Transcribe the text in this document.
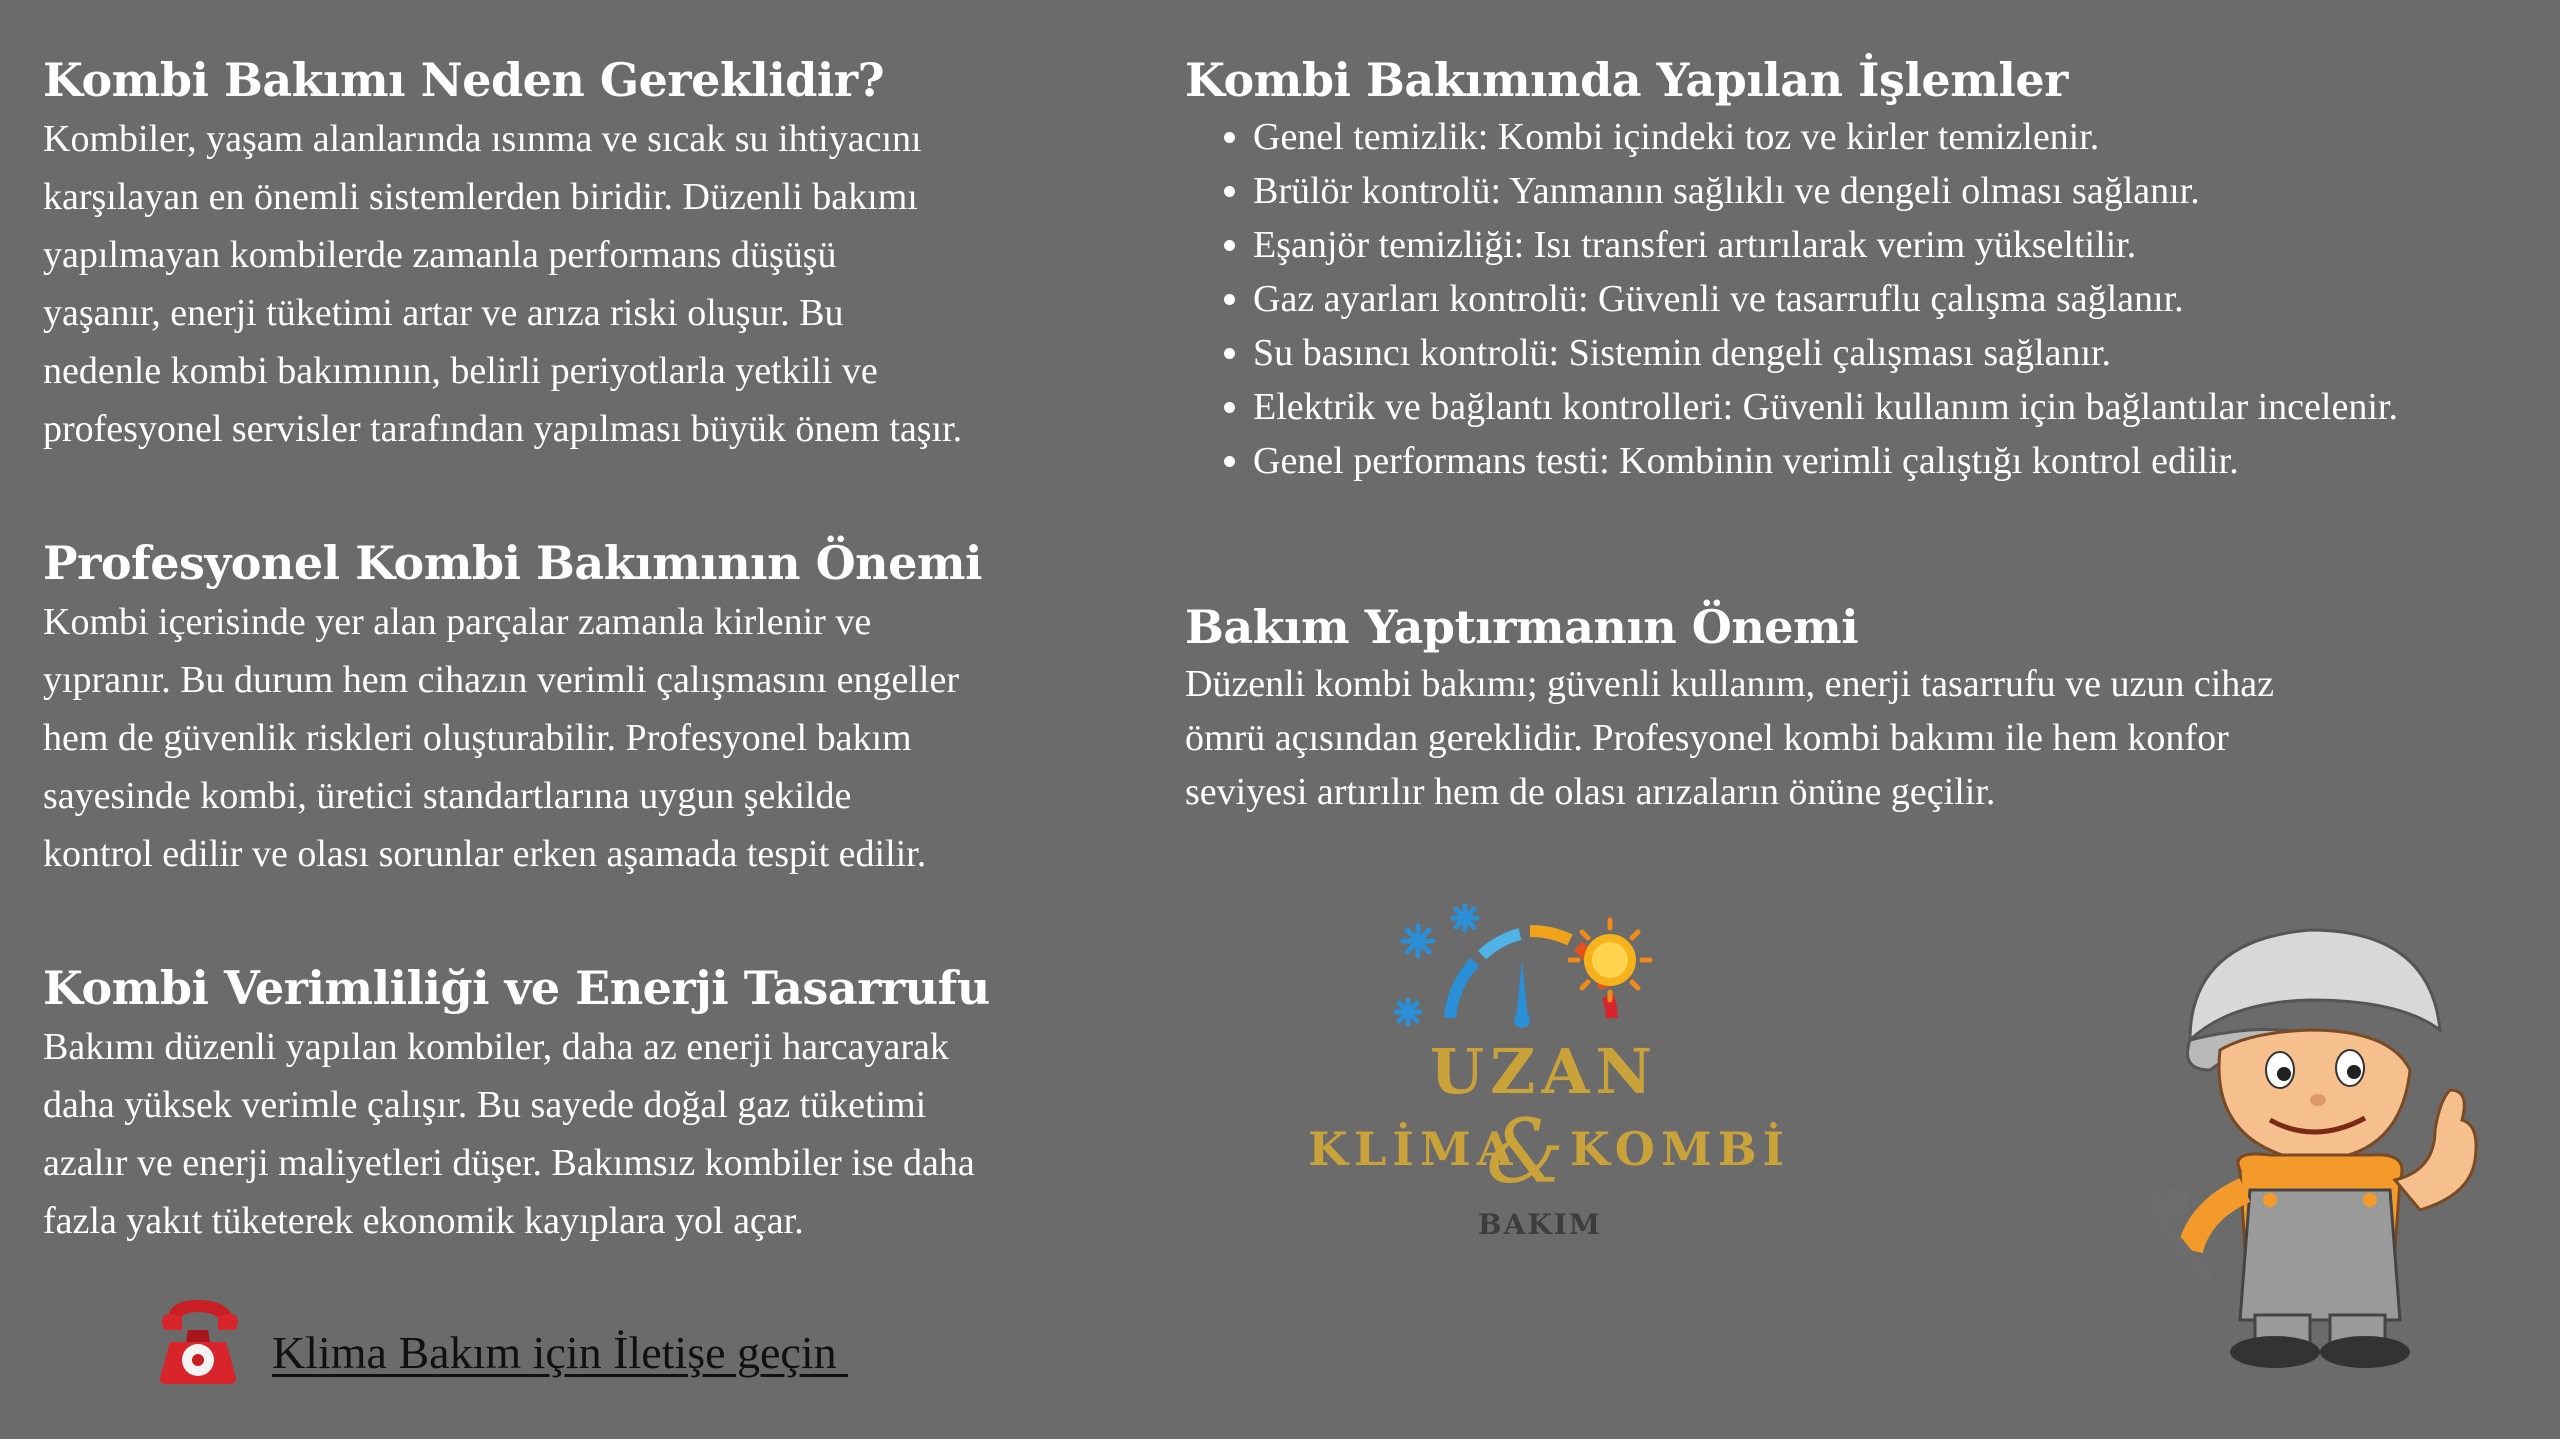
Kombi Bakımı Neden Gereklidir?

Kombiler, yaşam alanlarında ısınma ve sıcak su ihtiyacını
karşılayan en önemli sistemlerden biridir. Düzenli bakımı
yapılmayan kombilerde zamanla performans düşüşü
yaşanır, enerji tüketimi artar ve arıza riski oluşur. Bu
nedenle kombi bakımının, belirli periyotlarla yetkili ve
profesyonel servisler tarafından yapılması büyük önem taşır.

Profesyonel Kombi Bakımının Önemi

Kombi içerisinde yer alan parçalar zamanla kirlenir ve
yıpranır. Bu durum hem cihazın verimli çalışmasını engeller
hem de güvenlik riskleri oluşturabilir. Profesyonel bakım
sayesinde kombi, üretici standartlarına uygun şekilde
kontrol edilir ve olası sorunlar erken aşamada tespit edilir.

Kombi Verimliliği ve Enerji Tasarrufu

Bakımı düzenli yapılan kombiler, daha az enerji harcayarak
daha yüksek verimle çalışır. Bu sayede doğal gaz tüketimi
azalır ve enerji maliyetleri düşer. Bakımsız kombiler ise daha
fazla yakıt tüketerek ekonomik kayıplara yol açar.

Kombi Bakımında Yapılan İşlemler
• Genel temizlik: Kombi içindeki toz ve kirler temizlenir.
• Brülör kontrolü: Yanmanın sağlıklı ve dengeli olması sağlanır.
• Eşanjör temizliği: Isı transferi artırılarak verim yükseltilir.
• Gaz ayarları kontrolü: Güvenli ve tasarruflu çalışma sağlanır.
• Su basıncı kontrolü: Sistemin dengeli çalışması sağlanır.
• Elektrik ve bağlantı kontrolleri: Güvenli kullanım için bağlantılar incelenir.
• Genel performans testi: Kombinin verimli çalıştığı kontrol edilir.
Bakım Yaptırmanın Önemi

Düzenli kombi bakımı; güvenli kullanım, enerji tasarrufu ve uzun cihaz
ömrü açısından gereklidir. Profesyonel kombi bakımı ile hem konfor
seviyesi artırılır hem de olası arızaların önüne geçilir.

UZAN
KLİMA
& KOMBİ
BAKIM
Klima Bakım için İletişe geçin
